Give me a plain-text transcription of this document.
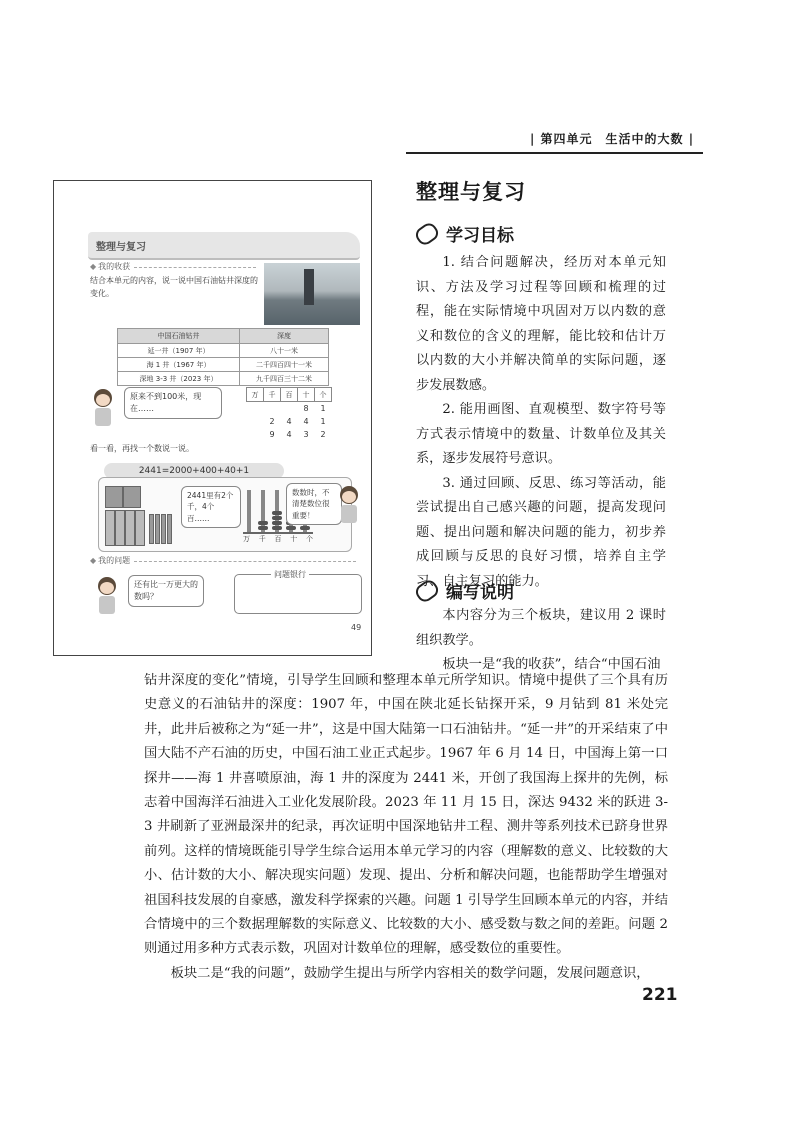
| 第四单元　生活中的大数 |
整理与复习
◆ 我的收获
结合本单元的内容，说一说中国石油钻井深度的变化。
中国石油钻井	深度
延一井（1907 年）	八十一米
海 1 井（1967 年）	二千四百四十一米
深地 3-3 井（2023 年）	九千四百三十二米
原来不到100米，现在……
万	千	百	十	个
			8	1
	2	4	4	1
	9	4	3	2
看一看，再找一个数说一说。
2441=2000+400+40+1
2441里有2个千，4个百……
万 千 百 十 个
数数时，不清楚数位很重要！
◆ 我的问题
还有比一万更大的数吗？
问题银行
49
整理与复习
学习目标

1. 结合问题解决，经历对本单元知识、方法及学习过程等回顾和梳理的过程，能在实际情境中巩固对万以内数的意义和数位的含义的理解，能比较和估计万以内数的大小并解决简单的实际问题，逐步发展数感。

2. 能用画图、直观模型、数字符号等方式表示情境中的数量、计数单位及其关系，逐步发展符号意识。

3. 通过回顾、反思、练习等活动，能尝试提出自己感兴趣的问题，提高发现问题、提出问题和解决问题的能力，初步养成回顾与反思的良好习惯，培养自主学习、自主复习的能力。

编写说明

本内容分为三个板块，建议用 2 课时组织教学。

板块一是“我的收获”，结合“中国石油

钻井深度的变化”情境，引导学生回顾和整理本单元所学知识。情境中提供了三个具有历史意义的石油钻井的深度：1907 年，中国在陕北延长钻探开采，9 月钻到 81 米处完井，此井后被称之为“延一井”，这是中国大陆第一口石油钻井。“延一井”的开采结束了中国大陆不产石油的历史，中国石油工业正式起步。1967 年 6 月 14 日，中国海上第一口探井——海 1 井喜喷原油，海 1 井的深度为 2441 米，开创了我国海上探井的先例，标志着中国海洋石油进入工业化发展阶段。2023 年 11 月 15 日，深达 9432 米的跃进 3-3 井刷新了亚洲最深井的纪录，再次证明中国深地钻井工程、测井等系列技术已跻身世界前列。这样的情境既能引导学生综合运用本单元学习的内容（理解数的意义、比较数的大小、估计数的大小、解决现实问题）发现、提出、分析和解决问题，也能帮助学生增强对祖国科技发展的自豪感，激发科学探索的兴趣。问题 1 引导学生回顾本单元的内容，并结合情境中的三个数据理解数的实际意义、比较数的大小、感受数与数之间的差距。问题 2 则通过用多种方式表示数，巩固对计数单位的理解，感受数位的重要性。

板块二是“我的问题”，鼓励学生提出与所学内容相关的数学问题，发展问题意识，

221
